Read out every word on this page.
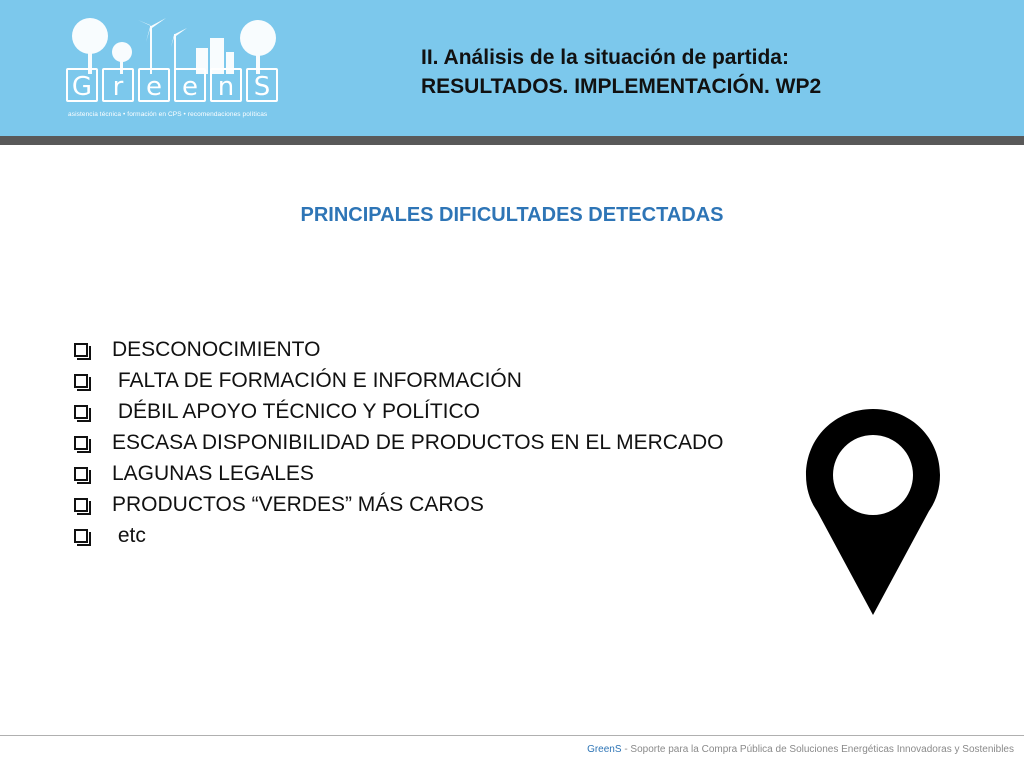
G r e e n S
asistencia técnica • formación en CPS • recomendaciones políticas
II. Análisis de la situación de partida:
RESULTADOS. IMPLEMENTACIÓN. WP2
PRINCIPALES DIFICULTADES DETECTADAS
DESCONOCIMIENTO
FALTA DE FORMACIÓN E INFORMACIÓN
DÉBIL APOYO TÉCNICO Y POLÍTICO
ESCASA DISPONIBILIDAD DE PRODUCTOS EN EL MERCADO
LAGUNAS LEGALES
PRODUCTOS “VERDES” MÁS CAROS
etc
GreenS - Soporte para la Compra Pública de Soluciones Energéticas Innovadoras y Sostenibles
